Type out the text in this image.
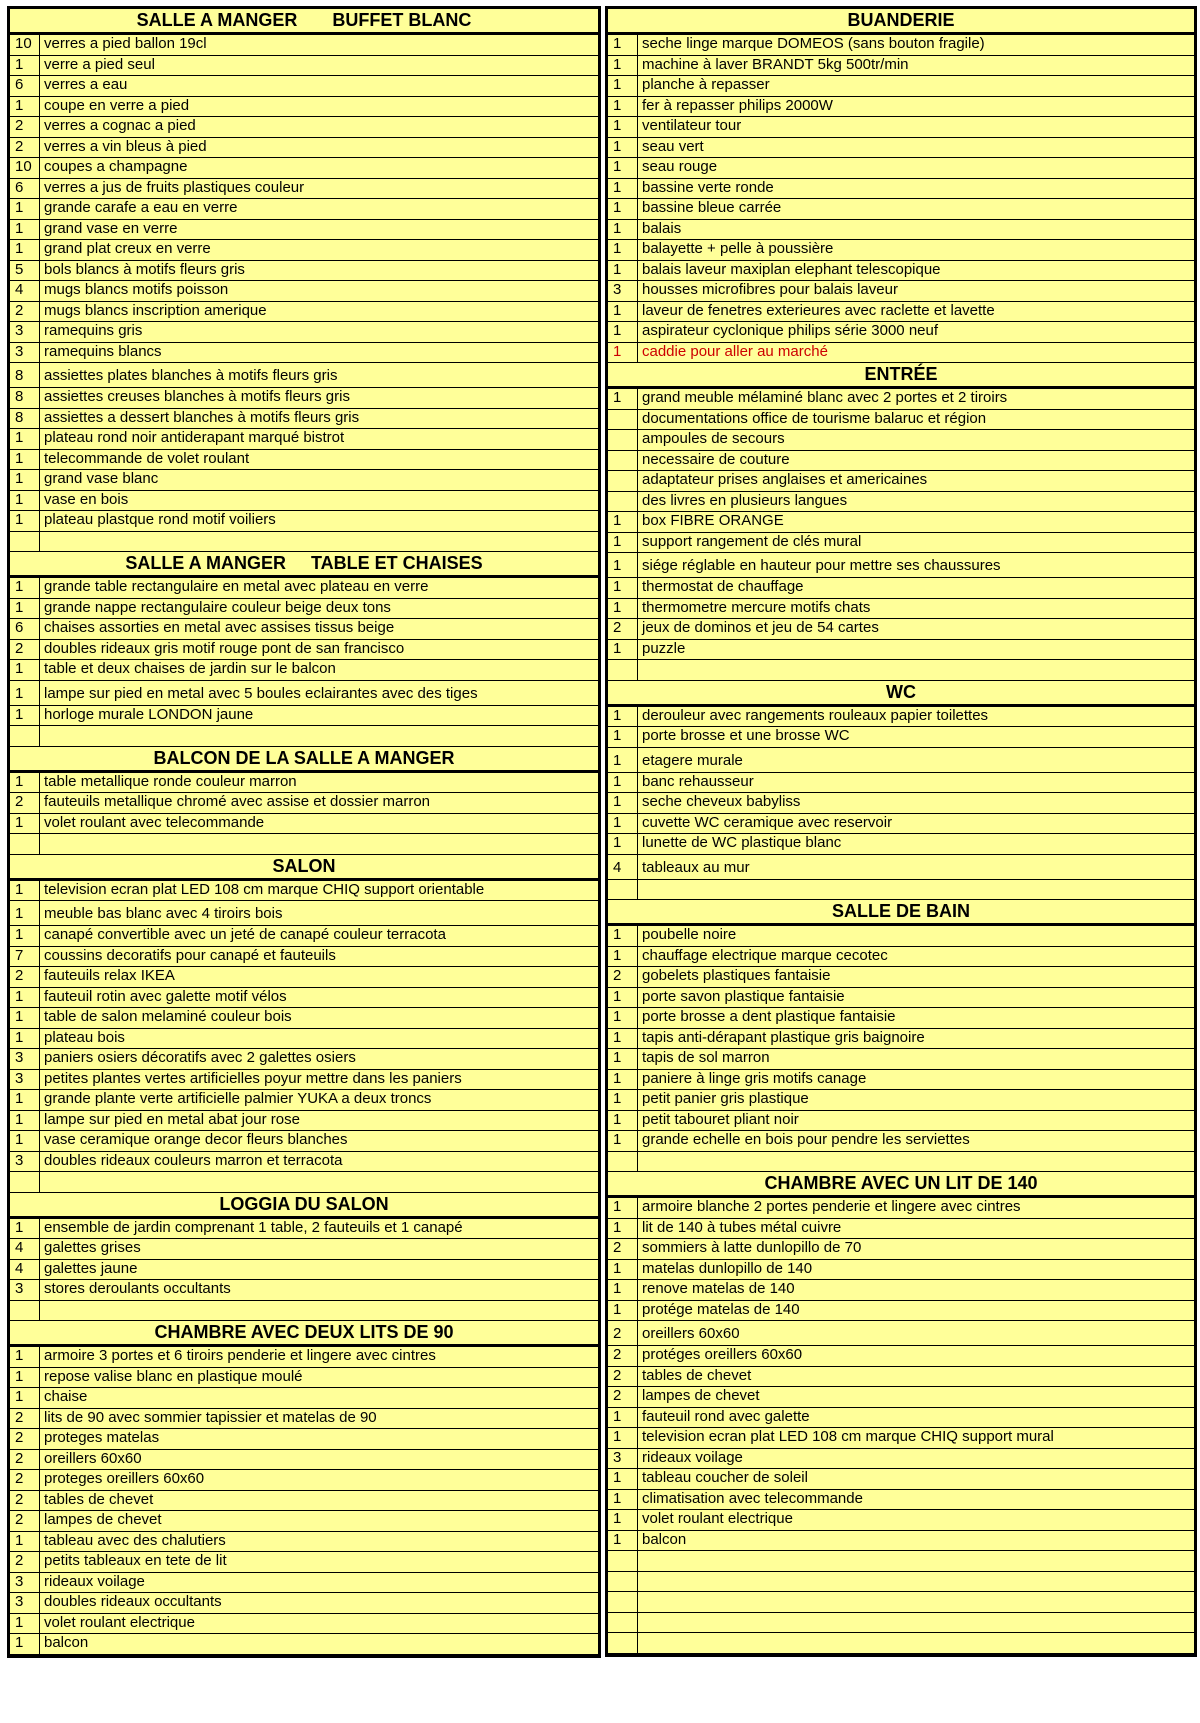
SALLE A MANGER       BUFFET BLANC
10 verres a pied ballon 19cl
1	verre a pied seul
6	verres a eau
1	coupe en verre a pied
2	verres a cognac a pied
2	verres a vin bleus à pied
10 coupes a champagne
6	verres a jus de fruits plastiques couleur
1	grande carafe a eau en verre
1	grand vase en verre
1	grand plat creux en verre
5	bols blancs à motifs fleurs gris
4	mugs blancs motifs poisson
2	mugs blancs inscription amerique
3	ramequins gris
3	ramequins blancs
8	assiettes plates blanches à motifs fleurs gris
8	assiettes creuses blanches à motifs fleurs gris
8	assiettes a dessert blanches à motifs fleurs gris
1	plateau rond noir antiderapant marqué bistrot
1	telecommande de volet roulant
1	grand vase blanc
1	vase en bois
1	plateau plastque rond motif voiliers
SALLE A MANGER     TABLE ET CHAISES
1	grande table rectangulaire en metal avec plateau en verre
1	grande nappe rectangulaire couleur beige deux tons
6	chaises assorties en metal avec assises tissus beige
2	doubles rideaux gris motif rouge pont de san francisco
1	table et deux chaises de jardin sur le balcon
1	lampe sur pied en metal avec 5 boules eclairantes avec des tiges
1	horloge murale LONDON jaune
BALCON DE LA SALLE A MANGER
1	table metallique ronde couleur marron
2	fauteuils metallique chromé avec assise et dossier marron
1	volet roulant avec telecommande
SALON
1	television ecran plat LED 108 cm marque CHIQ support orientable
1	meuble bas blanc avec 4 tiroirs bois
1	canapé convertible avec un jeté de canapé couleur terracota
7	coussins decoratifs pour canapé et fauteuils
2	fauteuils relax IKEA
1	fauteuil rotin avec galette motif vélos
1	table de salon melaminé couleur bois
1	plateau bois
3	paniers osiers décoratifs avec 2 galettes osiers
3	petites plantes vertes artificielles poyur mettre dans les paniers
1	grande plante verte artificielle palmier YUKA a deux troncs
1	lampe sur pied en metal abat jour rose
1	vase ceramique orange decor fleurs blanches
3	doubles rideaux couleurs marron et terracota
LOGGIA DU SALON
1	ensemble de jardin comprenant 1 table, 2 fauteuils et 1 canapé
4	galettes grises
4	galettes jaune
3	stores deroulants occultants
CHAMBRE AVEC DEUX LITS DE 90
1	armoire 3 portes et 6 tiroirs penderie et lingere avec cintres
1	repose valise blanc en plastique moulé
1	chaise
2	lits de 90 avec sommier tapissier et matelas de 90
2	proteges matelas
2	oreillers 60x60
2	proteges oreillers 60x60
2	tables de chevet
2	lampes de chevet
1	tableau avec des chalutiers
2	petits tableaux en tete de lit
3	rideaux voilage
3	doubles rideaux occultants
1	volet roulant electrique
1	balcon
BUANDERIE
1	seche linge marque DOMEOS (sans bouton fragile)
1	machine à laver BRANDT 5kg 500tr/min
1	planche à repasser
1	fer à repasser philips 2000W
1	ventilateur tour
1	seau vert
1	seau rouge
1	bassine verte ronde
1	bassine bleue carrée
1	balais
1	balayette + pelle à poussière
1	balais laveur maxiplan elephant telescopique
3	housses microfibres pour balais laveur
1	laveur de fenetres exterieures avec raclette et lavette
1	aspirateur cyclonique philips série 3000 neuf
1	caddie pour aller au marché
ENTRÉE
1	grand meuble mélaminé blanc avec 2 portes et 2 tiroirs
documentations office de tourisme balaruc et région
ampoules de secours
necessaire de couture
adaptateur prises anglaises et americaines
des livres en plusieurs langues
1	box FIBRE ORANGE
1	support rangement de clés mural
1	siége réglable en hauteur pour mettre ses chaussures
1	thermostat de chauffage
1	thermometre mercure motifs chats
2	jeux de dominos et jeu de 54 cartes
1	puzzle
WC
1	derouleur avec rangements rouleaux papier toilettes
1	porte brosse et une brosse WC
1	etagere murale
1	banc rehausseur
1	seche cheveux babyliss
1	cuvette WC ceramique avec reservoir
1	lunette de WC plastique blanc
4	tableaux au mur
SALLE DE BAIN
1	poubelle noire
1	chauffage electrique marque cecotec
2	gobelets plastiques fantaisie
1	porte savon plastique fantaisie
1	porte brosse a dent plastique fantaisie
1	tapis anti-dérapant plastique gris baignoire
1	tapis de sol marron
1	paniere à linge gris motifs canage
1	petit panier gris plastique
1	petit tabouret pliant noir
1	grande echelle en bois pour pendre les serviettes
CHAMBRE AVEC UN LIT DE 140
1	armoire blanche 2 portes penderie et lingere avec cintres
1	lit de 140 à tubes métal cuivre
2	sommiers à latte dunlopillo de 70
1	matelas dunlopillo de 140
1	renove matelas de 140
1	protége matelas de 140
2	oreillers 60x60
2	protéges oreillers 60x60
2	tables de chevet
2	lampes de chevet
1	fauteuil rond avec galette
1	television ecran plat LED 108 cm marque CHIQ support mural
3	rideaux voilage
1	tableau coucher de soleil
1	climatisation avec telecommande
1	volet roulant electrique
1	balcon
